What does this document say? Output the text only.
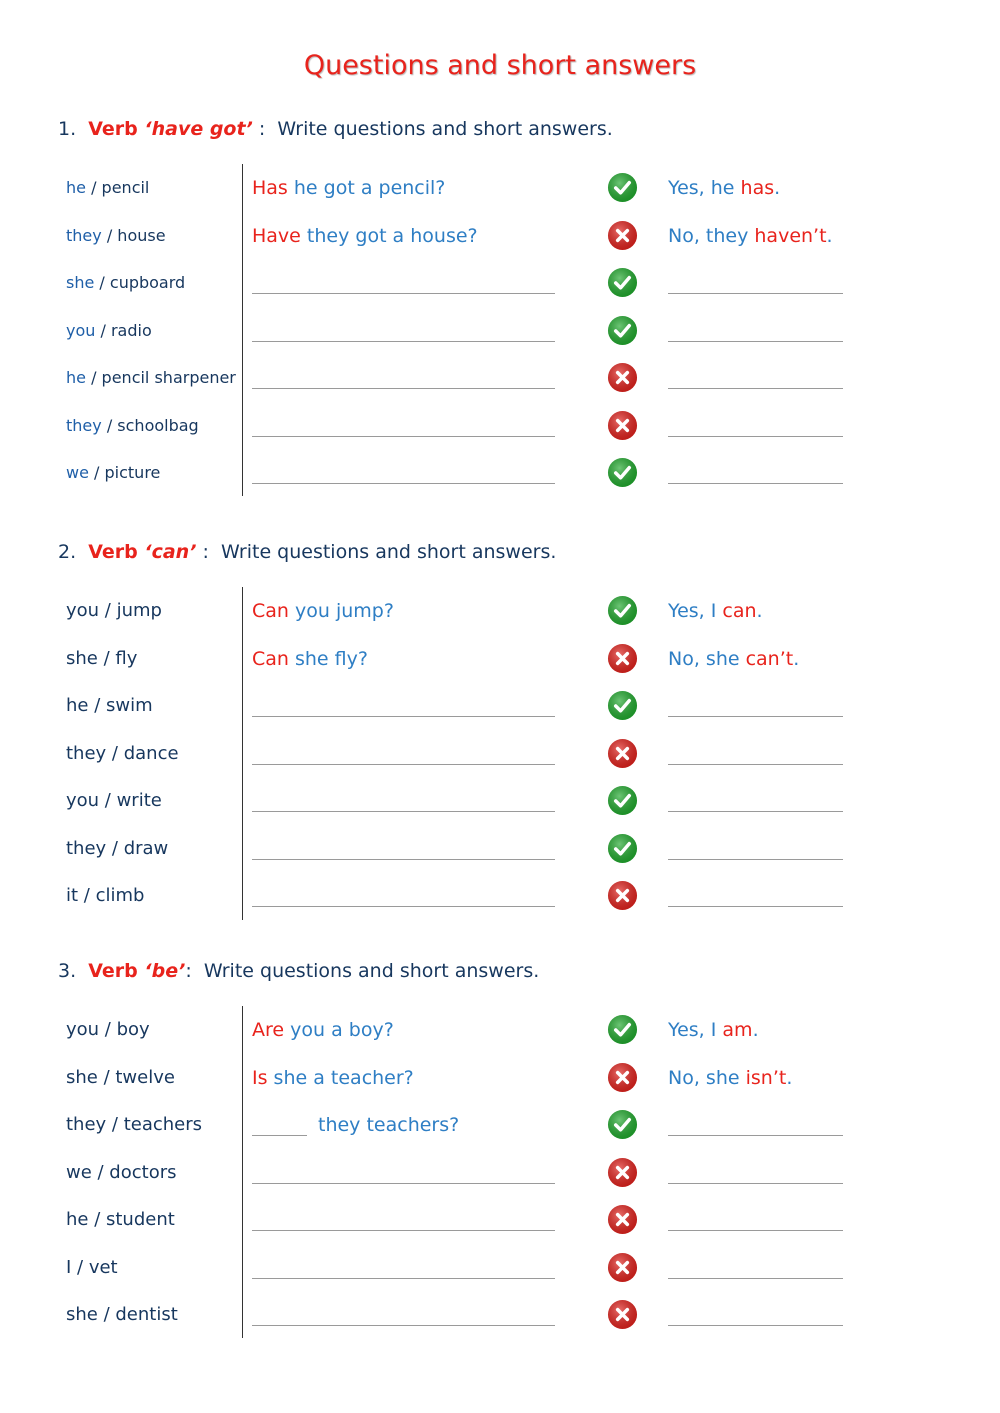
Questions and short answers
1. Verb ‘have got’ : Write questions and short answers.
he / pencil	Has he got a pencil?	Yes, he has.
they / house	Have they got a house?	No, they haven’t.
she / cupboard
you / radio
he / pencil sharpener
they / schoolbag
we / picture
2. Verb ‘can’ : Write questions and short answers.
you / jump	Can you jump?	Yes, I can.
she / fly	Can she fly?	No, she can’t.
he / swim
they / dance
you / write
they / draw
it / climb
3. Verb ‘be’: Write questions and short answers.
you / boy	Are you a boy?	Yes, I am.
she / twelve	Is she a teacher?	No, she isn’t.
they / teachers	they teachers?
we / doctors
he / student
I / vet
she / dentist
